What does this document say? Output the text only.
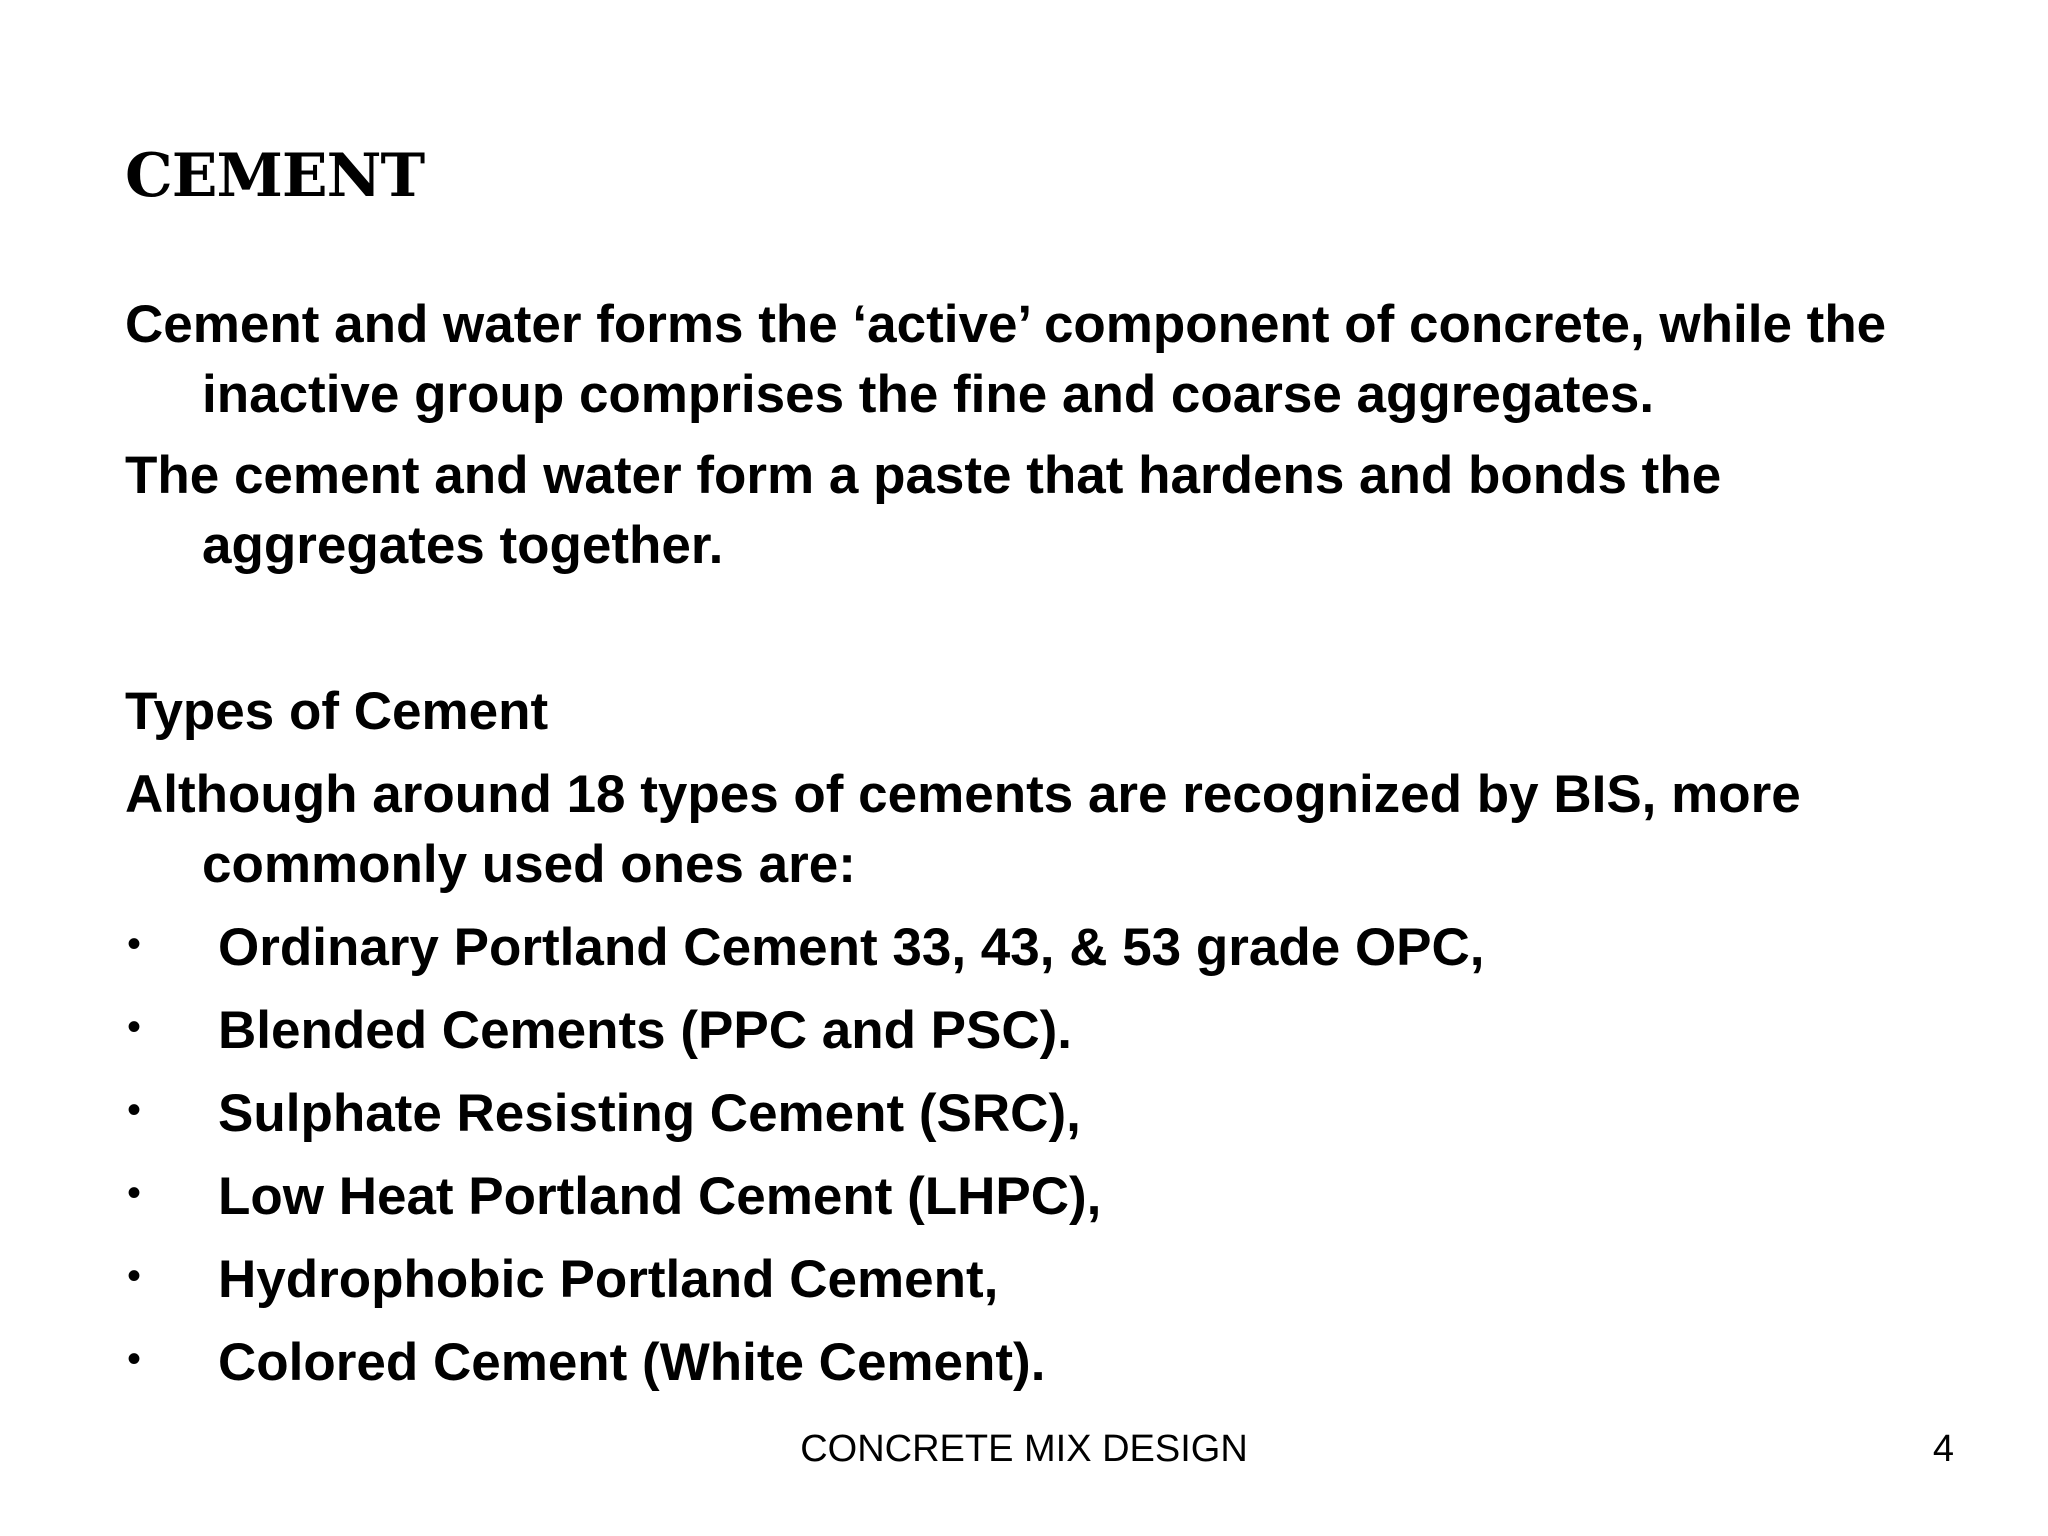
CEMENT
Cement and water forms the ‘active’ component of concrete, while the inactive group comprises the fine and coarse aggregates.
The cement and water form a paste that hardens and bonds the aggregates together.
Types of Cement
Although around 18 types of cements are recognized by BIS, more commonly used ones are:
• Ordinary Portland Cement 33, 43, & 53 grade OPC,
• Blended Cements (PPC and PSC).
• Sulphate Resisting Cement (SRC),
• Low Heat Portland Cement (LHPC),
• Hydrophobic Portland Cement,
• Colored Cement (White Cement).
CONCRETE MIX DESIGN	4
